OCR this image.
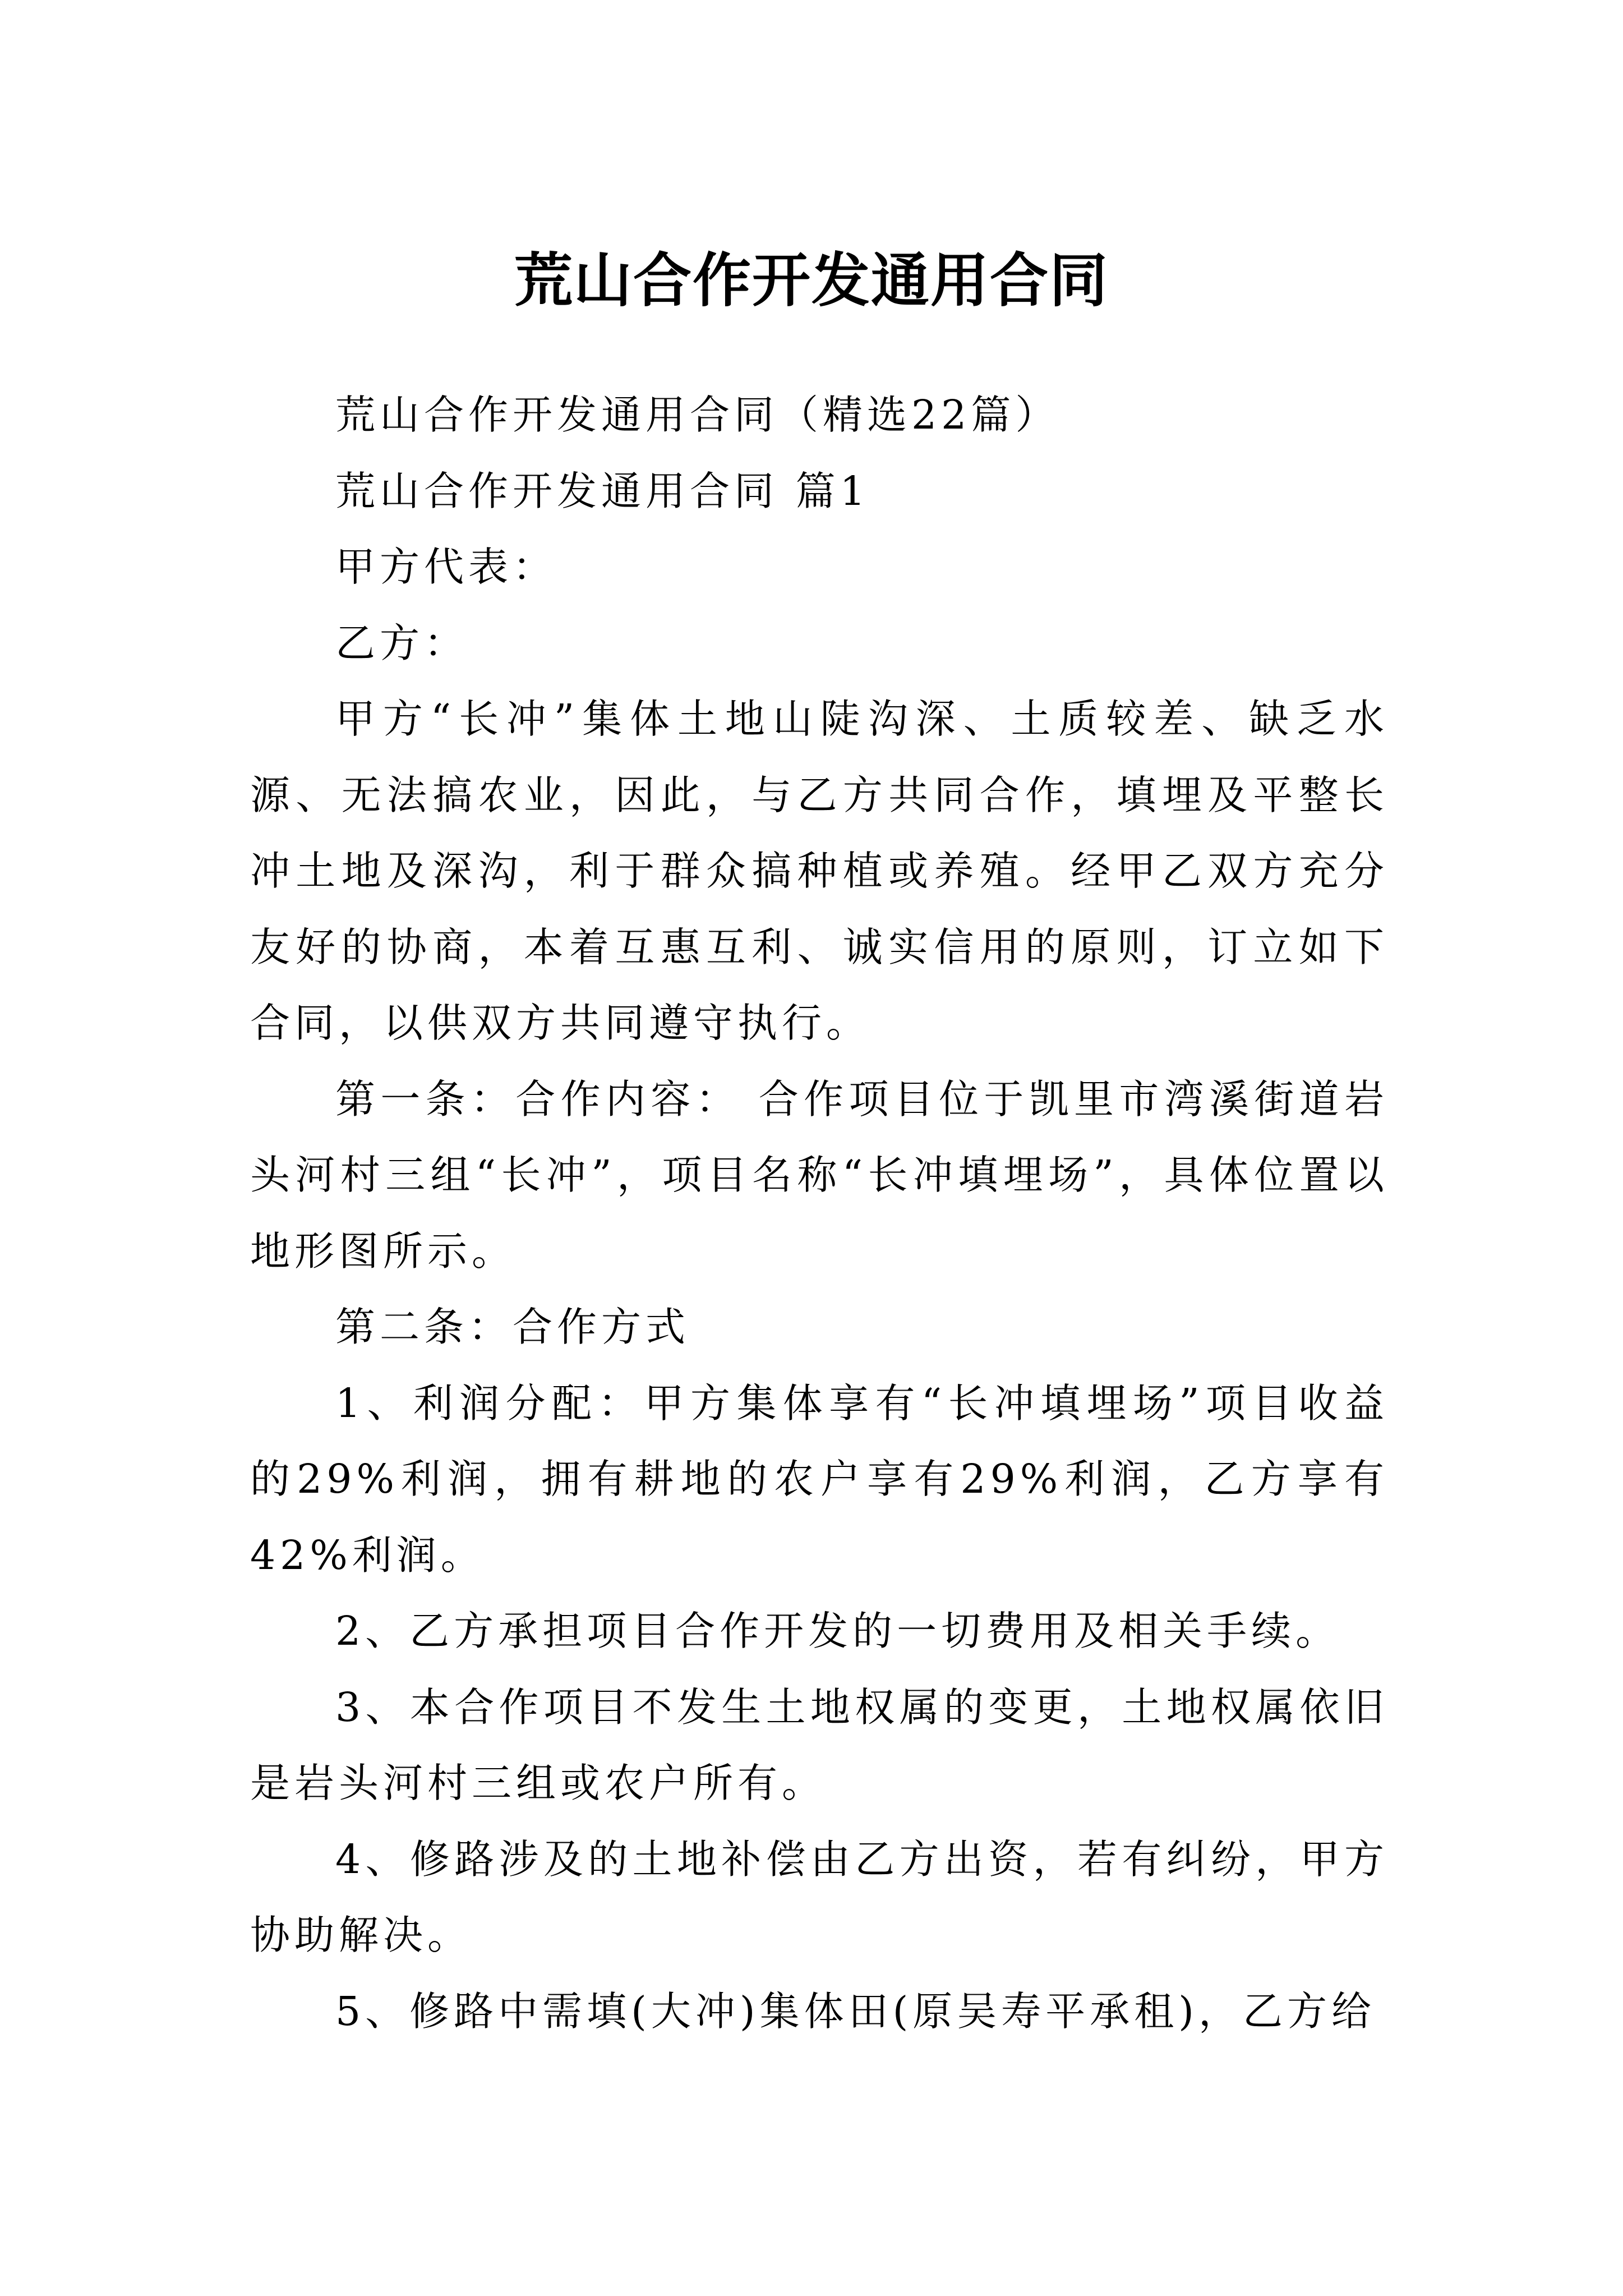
荒山合作开发通用合同

荒山合作开发通用合同（精选22篇）

荒山合作开发通用合同 篇1

甲方代表：

乙方：

甲方“长冲”集体土地山陡沟深、土质较差、缺乏水源、无法搞农业，因此，与乙方共同合作，填埋及平整长冲土地及深沟，利于群众搞种植或养殖。经甲乙双方充分友好的协商，本着互惠互利、诚实信用的原则，订立如下合同，以供双方共同遵守执行。

第一条：合作内容： 合作项目位于凯里市湾溪街道岩头河村三组“长冲”，项目名称“长冲填埋场”，具体位置以地形图所示。

第二条：合作方式

1、利润分配：甲方集体享有“长冲填埋场”项目收益的29%利润，拥有耕地的农户享有29%利润，乙方享有42%利润。

2、乙方承担项目合作开发的一切费用及相关手续。

3、本合作项目不发生土地权属的变更，土地权属依旧是岩头河村三组或农户所有。

4、修路涉及的土地补偿由乙方出资，若有纠纷，甲方协助解决。

5、修路中需填(大冲)集体田(原吴寿平承租)，乙方给
